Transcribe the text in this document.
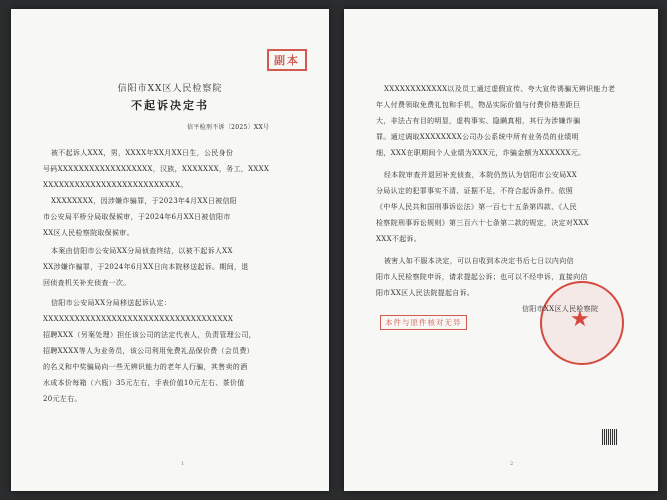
副本
信阳市XX区人民检察院
不起诉决定书
信平检刑不诉〔2025〕XX号
被不起诉人XXX，男，XXXX年XX月XX日生，公民身份
号码XXXXXXXXXXXXXXXXXX，汉族，XXXXXXX，务工，XXXX
XXXXXXXXXXXXXXXXXXXXXXXXXX。
XXXXXXXX，因涉嫌诈骗罪，于2023年4月XX日被信阳
市公安局平桥分局取保候审，于2024年6月XX日被信阳市
XX区人民检察院取保候审。
本案由信阳市公安局XX分局侦查终结，以被不起诉人XX
XX涉嫌诈骗罪，于2024年6月XX日向本院移送起诉。期间，退
回侦查机关补充侦查一次。
信阳市公安局XX分局移送起诉认定：
XXXXXXXXXXXXXXXXXXXXXXXXXXXXXXXXXXXX
招聘XXX（另案处理）担任该公司的法定代表人，负责管理公司，
招聘XXXX等人为业务员，该公司利用免费礼品保价费（会员费）
的名义和中奖骗局向一些无辨识能力的老年人行骗，其售卖的酒
水成本价每箱（六瓶）35元左右，手表价值10元左右、茶价值
20元左右。
1
XXXXXXXXXXXX以及员工通过虚假宣传、夸大宣传诱骗无辨识能力老
年人付费领取免费礼包和手机，物品实际价值与付费价格差距巨
大，非法占有目的明显，虚构事实、隐瞒真相，其行为涉嫌诈骗
罪。通过调取XXXXXXXX公司办公系统中所有业务员的业绩明
细，XXX在职期间个人业绩为XXX元，诈骗金额为XXXXXX元。
经本院审查并退回补充侦查，本院仍然认为信阳市公安局XX
分局认定的犯罪事实不清、证据不足，不符合起诉条件。依照
《中华人民共和国刑事诉讼法》第一百七十五条第四款、《人民
检察院刑事诉讼规则》第三百六十七条第二款的规定，决定对XXX
XXX不起诉。
被害人如不服本决定，可以自收到本决定书后七日以内向信
阳市人民检察院申诉，请求提起公诉；也可以不经申诉，直接向信
阳市XX区人民法院提起自诉。
★
信阳市XX区人民检察院
本件与原件核对无异
2
